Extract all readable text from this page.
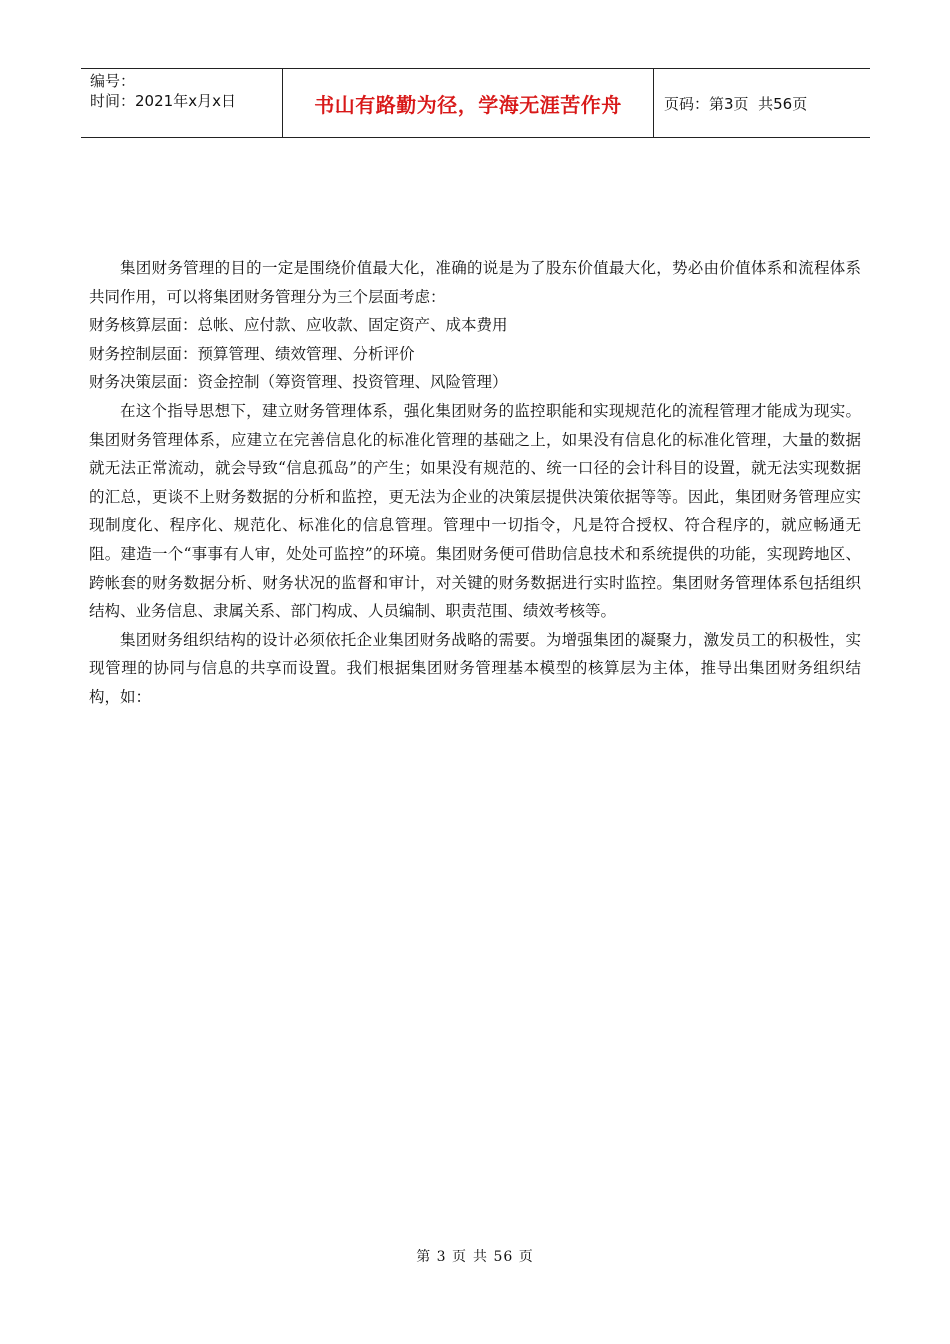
编号：
时间：2021年x月x日	书山有路勤为径，学海无涯苦作舟	页码：第3页 共56页

集团财务管理的目的一定是围绕价值最大化，准确的说是为了股东价值最大化，势必由价值体系和流程体系共同作用，可以将集团财务管理分为三个层面考虑：

财务核算层面：总帐、应付款、应收款、固定资产、成本费用

财务控制层面：预算管理、绩效管理、分析评价

财务决策层面：资金控制（筹资管理、投资管理、风险管理）

在这个指导思想下，建立财务管理体系，强化集团财务的监控职能和实现规范化的流程管理才能成为现实。集团财务管理体系，应建立在完善信息化的标准化管理的基础之上，如果没有信息化的标准化管理，大量的数据就无法正常流动，就会导致“信息孤岛”的产生；如果没有规范的、统一口径的会计科目的设置，就无法实现数据的汇总，更谈不上财务数据的分析和监控，更无法为企业的决策层提供决策依据等等。因此，集团财务管理应实现制度化、程序化、规范化、标准化的信息管理。管理中一切指令，凡是符合授权、符合程序的，就应畅通无阻。建造一个“事事有人审，处处可监控”的环境。集团财务便可借助信息技术和系统提供的功能，实现跨地区、跨帐套的财务数据分析、财务状况的监督和审计，对关键的财务数据进行实时监控。集团财务管理体系包括组织结构、业务信息、隶属关系、部门构成、人员编制、职责范围、绩效考核等。

集团财务组织结构的设计必须依托企业集团财务战略的需要。为增强集团的凝聚力，激发员工的积极性，实现管理的协同与信息的共享而设置。我们根据集团财务管理基本模型的核算层为主体，推导出集团财务组织结构，如：

第 3 页 共 56 页
